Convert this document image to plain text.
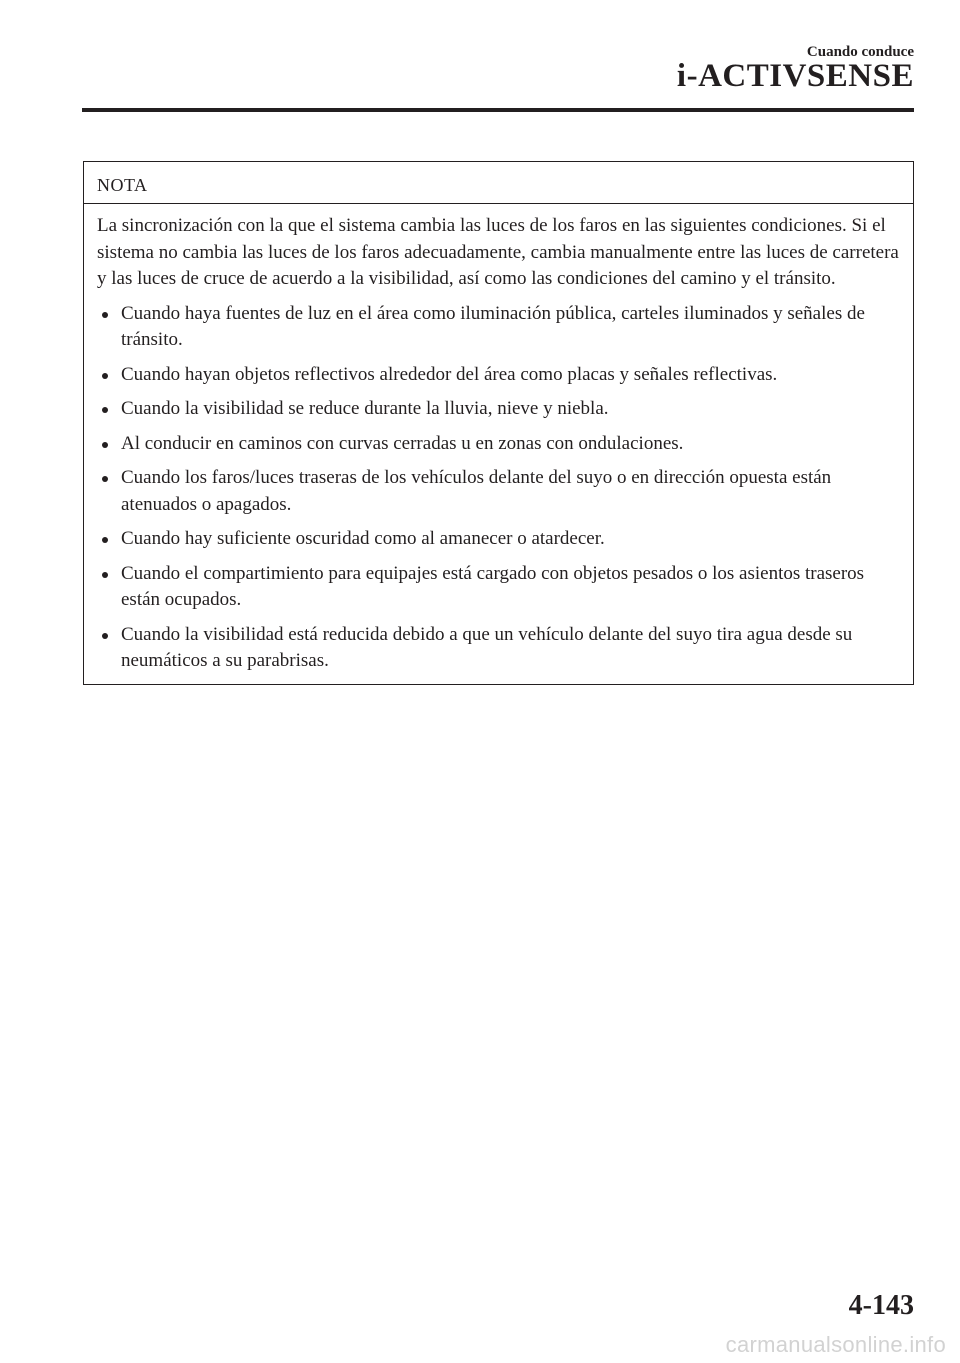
Cuando conduce
i-ACTIVSENSE
NOTA

La sincronización con la que el sistema cambia las luces de los faros en las siguientes condiciones. Si el sistema no cambia las luces de los faros adecuadamente, cambia manualmente entre las luces de carretera y las luces de cruce de acuerdo a la visibilidad, así como las condiciones del camino y el tránsito.

Cuando haya fuentes de luz en el área como iluminación pública, carteles iluminados y señales de tránsito.
Cuando hayan objetos reflectivos alrededor del área como placas y señales reflectivas.
Cuando la visibilidad se reduce durante la lluvia, nieve y niebla.
Al conducir en caminos con curvas cerradas u en zonas con ondulaciones.
Cuando los faros/luces traseras de los vehículos delante del suyo o en dirección opuesta están atenuados o apagados.
Cuando hay suficiente oscuridad como al amanecer o atardecer.
Cuando el compartimiento para equipajes está cargado con objetos pesados o los asientos traseros están ocupados.
Cuando la visibilidad está reducida debido a que un vehículo delante del suyo tira agua desde su neumáticos a su parabrisas.
4-143
carmanualsonline.info
